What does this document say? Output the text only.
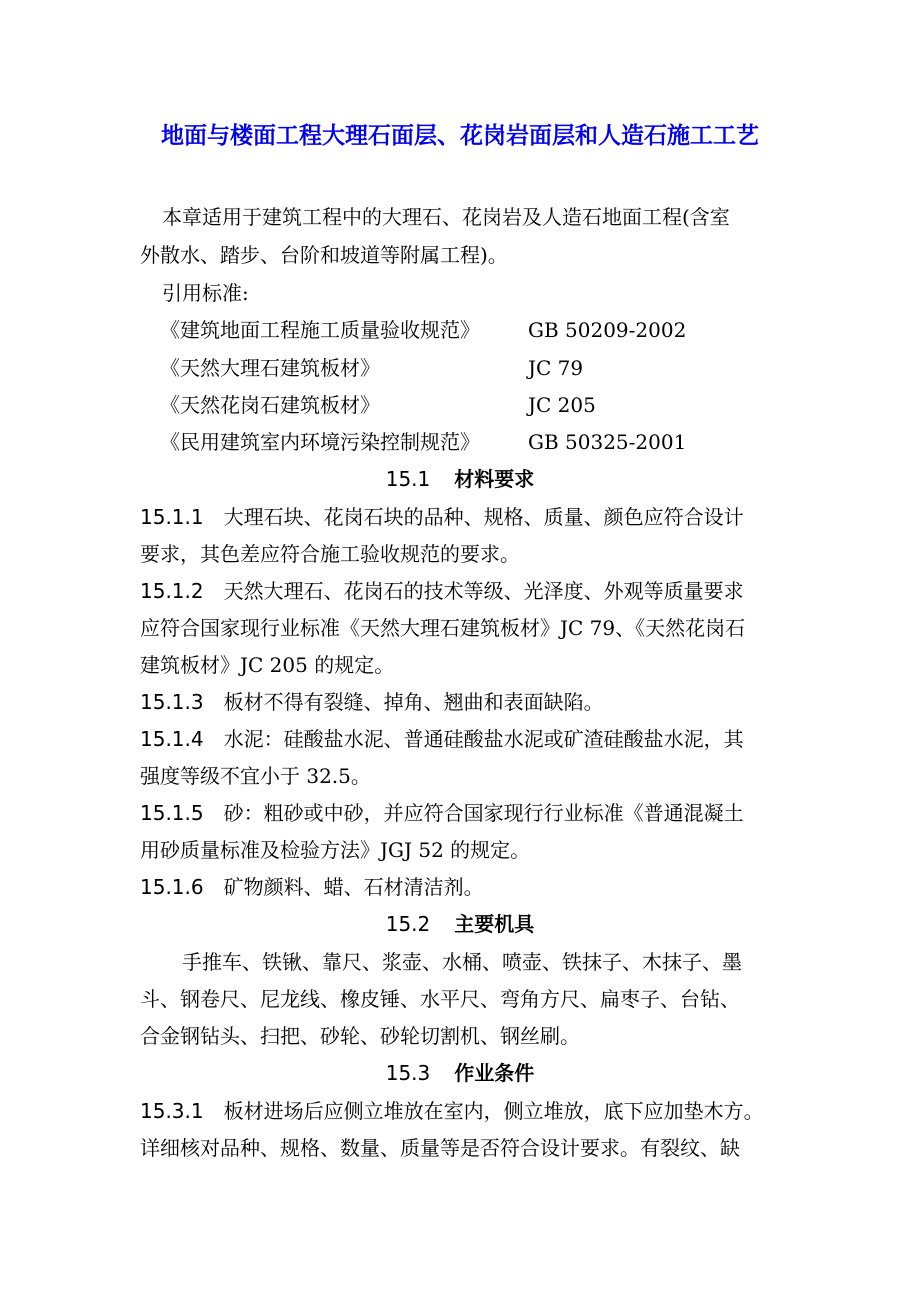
地面与楼面工程大理石面层、花岗岩面层和人造石施工工艺
本章适用于建筑工程中的大理石、花岗岩及人造石地面工程(含室
外散水、踏步、台阶和坡道等附属工程)。
引用标准:
《建筑地面工程施工质量验收规范》 GB 50209-2002
《天然大理石建筑板材》	JC 79
《天然花岗石建筑板材》	JC 205
《民用建筑室内环境污染控制规范》 GB 50325-2001
15.1 材料要求
15.1.1 大理石块、花岗石块的品种、规格、质量、颜色应符合设计
要求，其色差应符合施工验收规范的要求。
15.1.2 天然大理石、花岗石的技术等级、光泽度、外观等质量要求
应符合国家现行业标准《天然大理石建筑板材》JC 79、《天然花岗石
建筑板材》JC 205 的规定。
15.1.3 板材不得有裂缝、掉角、翘曲和表面缺陷。
15.1.4 水泥：硅酸盐水泥、普通硅酸盐水泥或矿渣硅酸盐水泥，其
强度等级不宜小于 32.5。
15.1.5 砂：粗砂或中砂，并应符合国家现行行业标准《普通混凝土
用砂质量标准及检验方法》JGJ 52 的规定。
15.1.6 矿物颜料、蜡、石材清洁剂。
15.2 主要机具
手推车、铁锹、靠尺、浆壶、水桶、喷壶、铁抹子、木抹子、墨
斗、钢卷尺、尼龙线、橡皮锤、水平尺、弯角方尺、扁枣子、台钻、
合金钢钻头、扫把、砂轮、砂轮切割机、钢丝刷。
15.3 作业条件
15.3.1 板材进场后应侧立堆放在室内，侧立堆放，底下应加垫木方。
详细核对品种、规格、数量、质量等是否符合设计要求。有裂纹、缺
